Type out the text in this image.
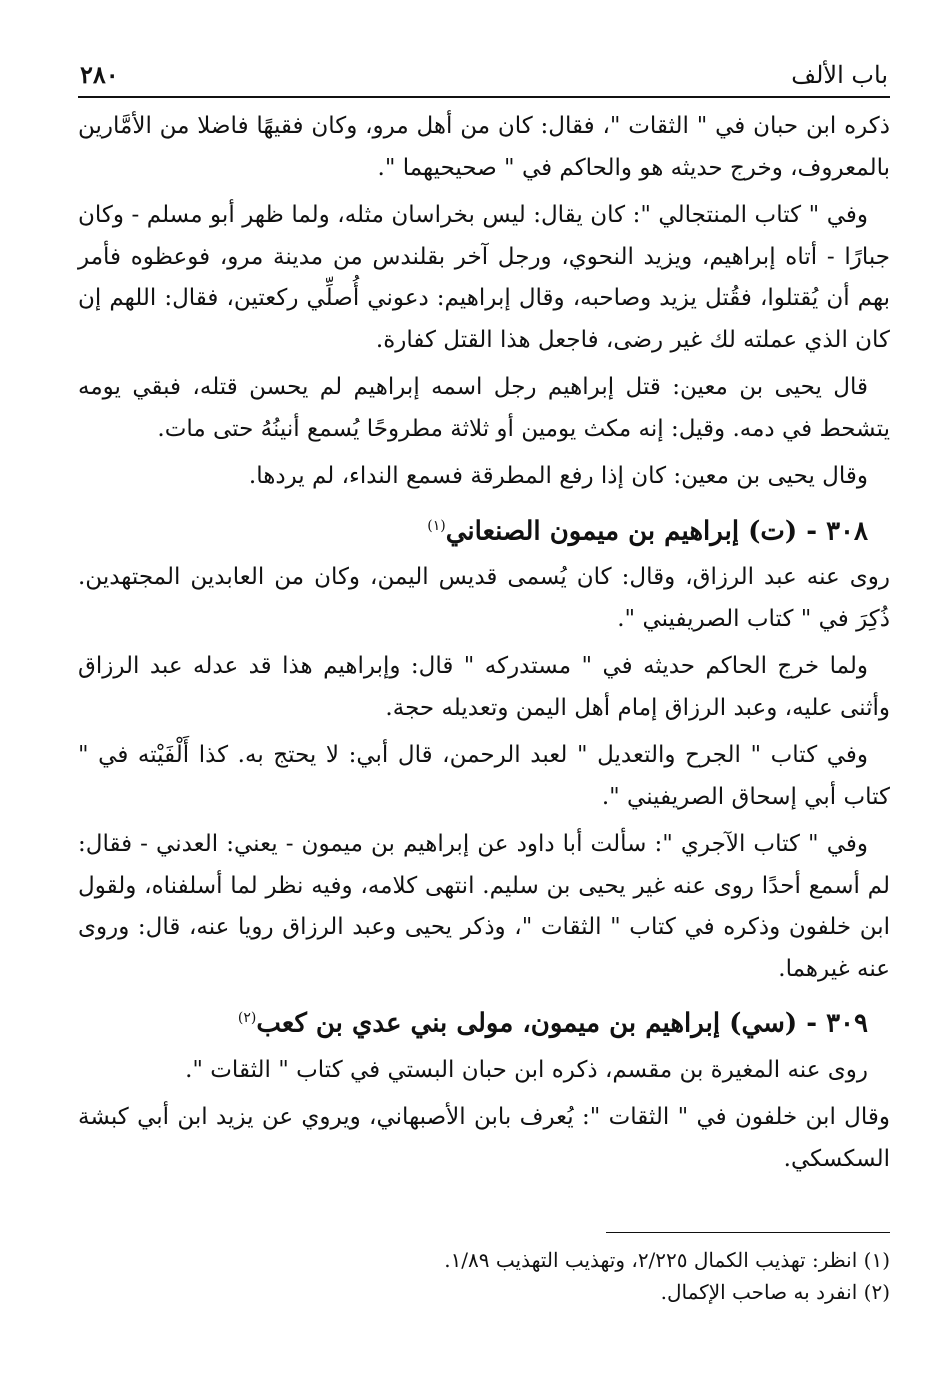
باب الألف
٢٨٠

ذكره ابن حبان في " الثقات "، فقال: كان من أهل مرو، وكان فقيهًا فاضلا من الأمَّارين بالمعروف، وخرج حديثه هو والحاكم في " صحيحيهما ".

وفي " كتاب المنتجالي ": كان يقال: ليس بخراسان مثله، ولما ظهر أبو مسلم - وكان جبارًا - أتاه إبراهيم، ويزيد النحوي، ورجل آخر بقلندس من مدينة مرو، فوعظوه فأمر بهم أن يُقتلوا، فقُتل يزيد وصاحبه، وقال إبراهيم: دعوني أُصلِّي ركعتين، فقال: اللهم إن كان الذي عملته لك غير رضى، فاجعل هذا القتل كفارة.

قال يحيى بن معين: قتل إبراهيم رجل اسمه إبراهيم لم يحسن قتله، فبقي يومه يتشحط في دمه. وقيل: إنه مكث يومين أو ثلاثة مطروحًا يُسمع أنينُهُ حتى مات.

وقال يحيى بن معين: كان إذا رفع المطرقة فسمع النداء، لم يردها.

٣٠٨ - (ت) إبراهيم بن ميمون الصنعاني$^{(١)}$

روى عنه عبد الرزاق، وقال: كان يُسمى قديس اليمن، وكان من العابدين المجتهدين. ذُكِرَ في " كتاب الصريفيني ".

ولما خرج الحاكم حديثه في " مستدركه " قال: وإبراهيم هذا قد عدله عبد الرزاق وأثنى عليه، وعبد الرزاق إمام أهل اليمن وتعديله حجة.

وفي كتاب " الجرح والتعديل " لعبد الرحمن، قال أبي: لا يحتج به. كذا أَلْفَيْته في " كتاب أبي إسحاق الصريفيني ".

وفي " كتاب الآجري ": سألت أبا داود عن إبراهيم بن ميمون - يعني: العدني - فقال: لم أسمع أحدًا روى عنه غير يحيى بن سليم. انتهى كلامه، وفيه نظر لما أسلفناه، ولقول ابن خلفون وذكره في كتاب " الثقات "، وذكر يحيى وعبد الرزاق رويا عنه، قال: وروى عنه غيرهما.

٣٠٩ - (سي) إبراهيم بن ميمون، مولى بني عدي بن كعب$^{(٢)}$

روى عنه المغيرة بن مقسم، ذكره ابن حبان البستي في كتاب " الثقات ".

وقال ابن خلفون في " الثقات ": يُعرف بابن الأصبهاني، ويروي عن يزيد ابن أبي كبشة السكسكي.

(١) انظر: تهذيب الكمال ٢/٢٢٥، وتهذيب التهذيب ١/٨٩.
(٢) انفرد به صاحب الإكمال.
